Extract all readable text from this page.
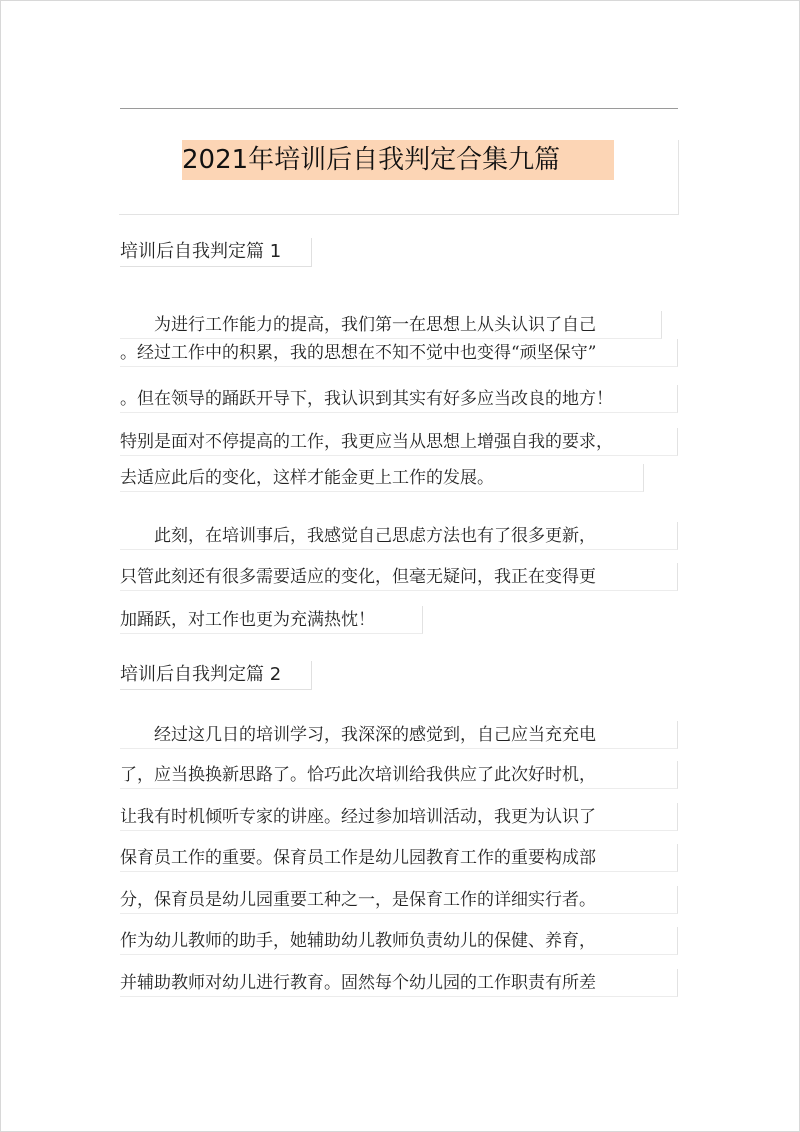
2021年培训后自我判定合集九篇
培训后自我判定篇 1
　　为进行工作能力的提高，我们第一在思想上从头认识了自己
。经过工作中的积累，我的思想在不知不觉中也变得“顽坚保守”
。但在领导的踊跃开导下，我认识到其实有好多应当改良的地方！
特别是面对不停提高的工作，我更应当从思想上增强自我的要求，
去适应此后的变化，这样才能金更上工作的发展。
　　此刻，在培训事后，我感觉自己思虑方法也有了很多更新，
只管此刻还有很多需要适应的变化，但毫无疑问，我正在变得更
加踊跃，对工作也更为充满热忱！
培训后自我判定篇 2
　　经过这几日的培训学习，我深深的感觉到，自己应当充充电
了，应当换换新思路了。恰巧此次培训给我供应了此次好时机，
让我有时机倾听专家的讲座。经过参加培训活动，我更为认识了
保育员工作的重要。保育员工作是幼儿园教育工作的重要构成部
分，保育员是幼儿园重要工种之一，是保育工作的详细实行者。
作为幼儿教师的助手，她辅助幼儿教师负责幼儿的保健、养育，
并辅助教师对幼儿进行教育。固然每个幼儿园的工作职责有所差
